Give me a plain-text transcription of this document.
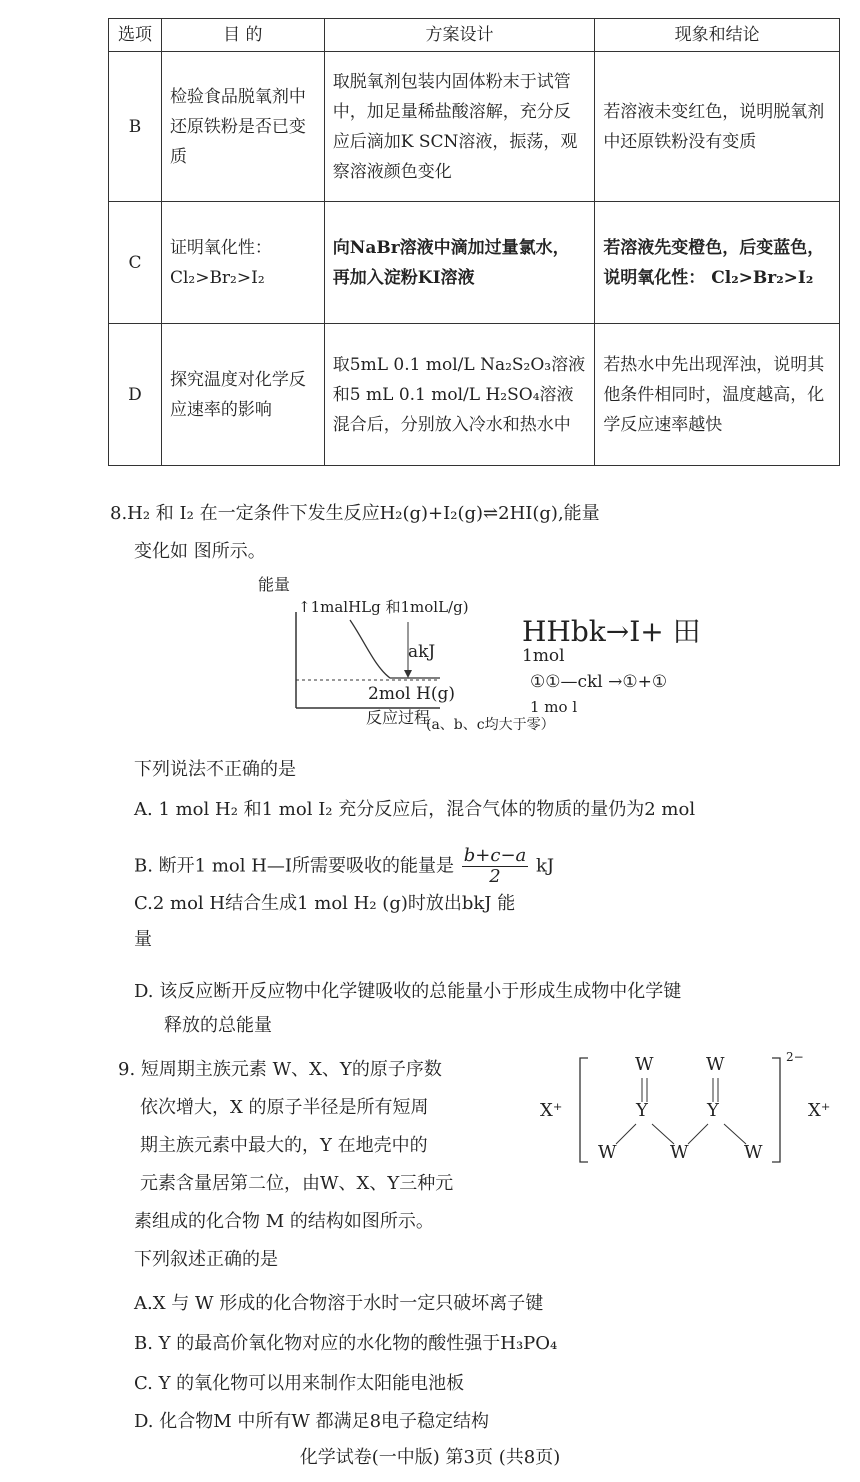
选项	目 的	方案设计	现象和结论
B	检验食品脱氧剂中还原铁粉是否已变质	取脱氧剂包装内固体粉末于试管中，加足量稀盐酸溶解，充分反应后滴加K SCN溶液，振荡，观察溶液颜色变化	若溶液未变红色，说明脱氧剂中还原铁粉没有变质
C	证明氧化性：Cl₂>Br₂>I₂	向NaBr溶液中滴加过量氯水，再加入淀粉KI溶液	若溶液先变橙色，后变蓝色，说明氧化性： Cl₂>Br₂>I₂
D	探究温度对化学反应速率的影响	取5mL 0.1 mol/L Na₂S₂O₃溶液和5 mL 0.1 mol/L H₂SO₄溶液混合后，分别放入冷水和热水中	若热水中先出现浑浊，说明其他条件相同时，温度越高，化学反应速率越快
8.H₂ 和 I₂ 在一定条件下发生反应H₂(g)+I₂(g)⇌2HI(g),能量
变化如 图所示。
能量
↑1malHLg 和1molL/g)
akJ
2mol H(g)
反应过程
(a、b、c均大于零）
HHbk→I+ 田
1mol
①①—ckl →①+①
1 mo l
下列说法不正确的是
A. 1 mol H₂ 和1 mol I₂ 充分反应后，混合气体的物质的量仍为2 mol
B. 断开1 mol H—I所需要吸收的能量是 $\frac{b+c-a}{2}$ kJ
C.2 mol H结合生成1 mol H₂ (g)时放出bkJ 能
量
D. 该反应断开反应物中化学键吸收的总能量小于形成生成物中化学键
释放的总能量
9. 短周期主族元素 W、X、Y的原子序数
依次增大，X 的原子半径是所有短周
期主族元素中最大的，Y 在地壳中的
元素含量居第二位，由W、X、Y三种元
素组成的化合物 M 的结构如图所示。
下列叙述正确的是
A.X 与 W 形成的化合物溶于水时一定只破坏离子键
B. Y 的最高价氧化物对应的水化物的酸性强于H₃PO₄
C. Y 的氧化物可以用来制作太阳能电池板
D. 化合物M 中所有W 都满足8电子稳定结构
W	W
Y	Y
W	W	W
X⁺	X⁺
2−
化学试卷(一中版) 第3页 (共8页)
